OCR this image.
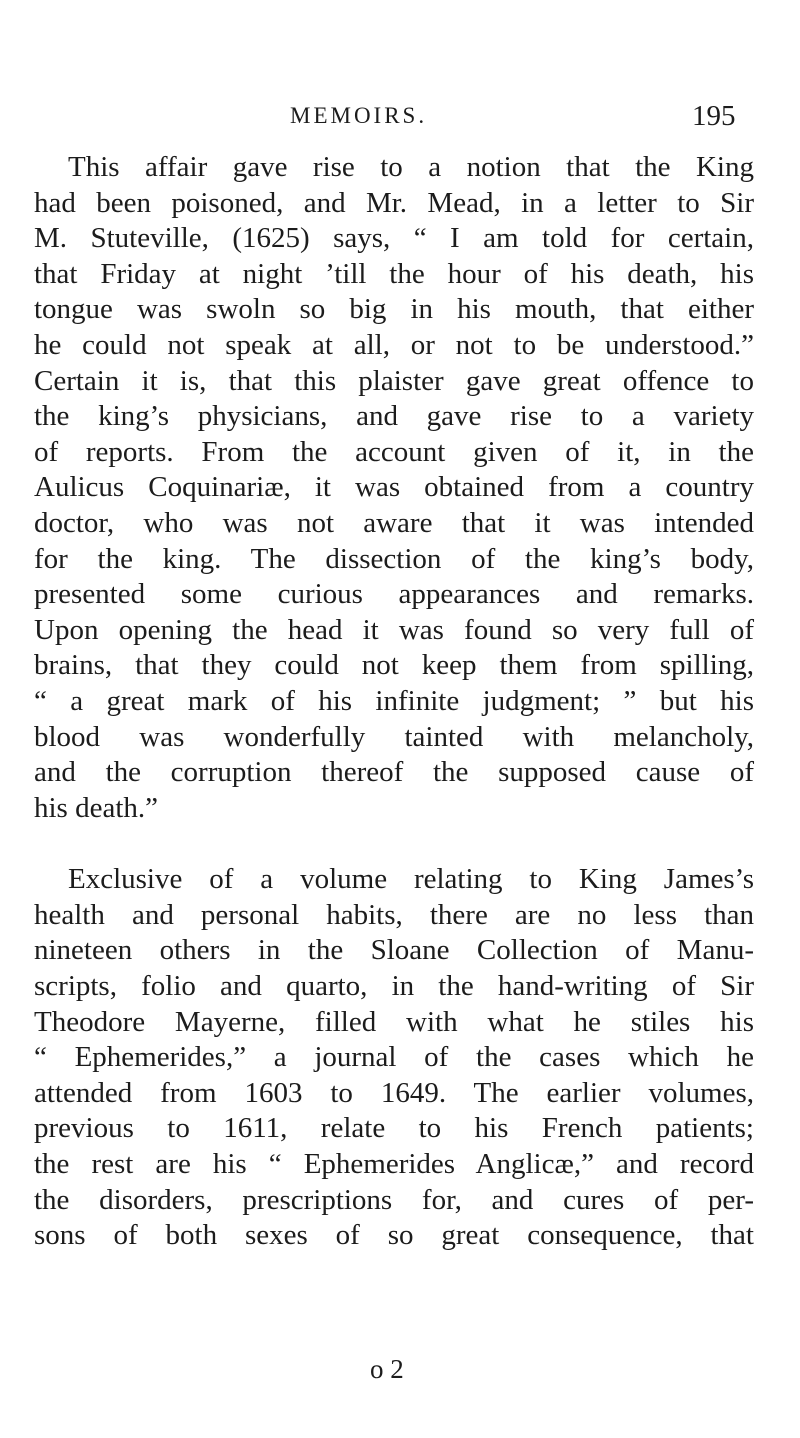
MEMOIRS.	195

This affair gave rise to a notion that the King
had been poisoned, and Mr. Mead, in a letter to Sir
M. Stuteville, (1625) says, “ I am told for certain,
that Friday at night ’till the hour of his death, his
tongue was swoln so big in his mouth, that either
he could not speak at all, or not to be understood.”
Certain it is, that this plaister gave great offence to
the king’s physicians, and gave rise to a variety
of reports. From the account given of it, in the
Aulicus Coquinariæ, it was obtained from a country
doctor, who was not aware that it was intended
for the king. The dissection of the king’s body,
presented some curious appearances and remarks.
Upon opening the head it was found so very full of
brains, that they could not keep them from spilling,
“ a great mark of his infinite judgment; ” but his
blood was wonderfully tainted with melancholy,
and the corruption thereof the supposed cause of
his death.”

Exclusive of a volume relating to King James’s
health and personal habits, there are no less than
nineteen others in the Sloane Collection of Manu-
scripts, folio and quarto, in the hand-writing of Sir
Theodore Mayerne, filled with what he stiles his
“ Ephemerides,” a journal of the cases which he
attended from 1603 to 1649. The earlier volumes,
previous to 1611, relate to his French patients;
the rest are his “ Ephemerides Anglicæ,” and record
the disorders, prescriptions for, and cures of per-
sons of both sexes of so great consequence, that

o 2
